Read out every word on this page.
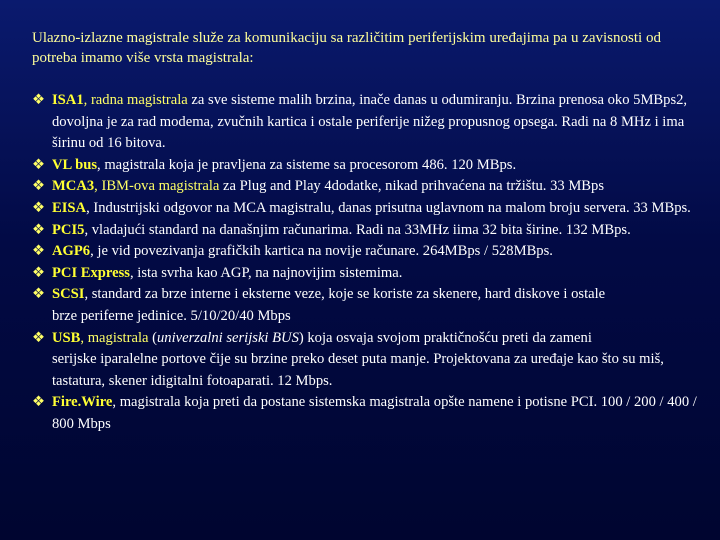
Ulazno-izlazne magistrale služe za komunikaciju sa različitim periferijskim uređajima pa u zavisnosti od potreba imamo više vrsta magistrala:

❖ ISA1, radna magistrala za sve sisteme malih brzina, inače danas u odumiranju. Brzina prenosa oko 5MBps2, dovoljna je za rad modema, zvučnih kartica i ostale periferije nižeg propusnog opsega. Radi na 8 MHz i ima širinu od 16 bitova.

❖ VL bus, magistrala koja je pravljena za sisteme sa procesorom 486. 120 MBps.

❖ MCA3, IBM-ova magistrala za Plug and Play 4dodatke, nikad prihvaćena na tržištu. 33 MBps

❖ EISA, Industrijski odgovor na MCA magistralu, danas prisutna uglavnom na malom broju servera. 33 MBps.

❖ PCI5, vladajući standard na današnjim računarima. Radi na 33MHz iima 32 bita širine. 132 MBps.

❖ AGP6, je vid povezivanja grafičkih kartica na novije računare. 264MBps / 528MBps.

❖ PCI Express, ista svrha kao AGP, na najnovijim sistemima.

❖ SCSI, standard za brze interne i eksterne veze, koje se koriste za skenere, hard diskove i ostale
brze periferne jedinice. 5/10/20/40 Mbps

❖ USB, magistrala (univerzalni serijski BUS) koja osvaja svojom praktičnošću preti da zameni
serijske iparalelne portove čije su brzine preko deset puta manje. Projektovana za uređaje kao što su miš, tastatura, skener idigitalni fotoaparati. 12 Mbps.

❖ Fire.Wire, magistrala koja preti da postane sistemska magistrala opšte namene i potisne PCI. 100 / 200 / 400 / 800 Mbps
